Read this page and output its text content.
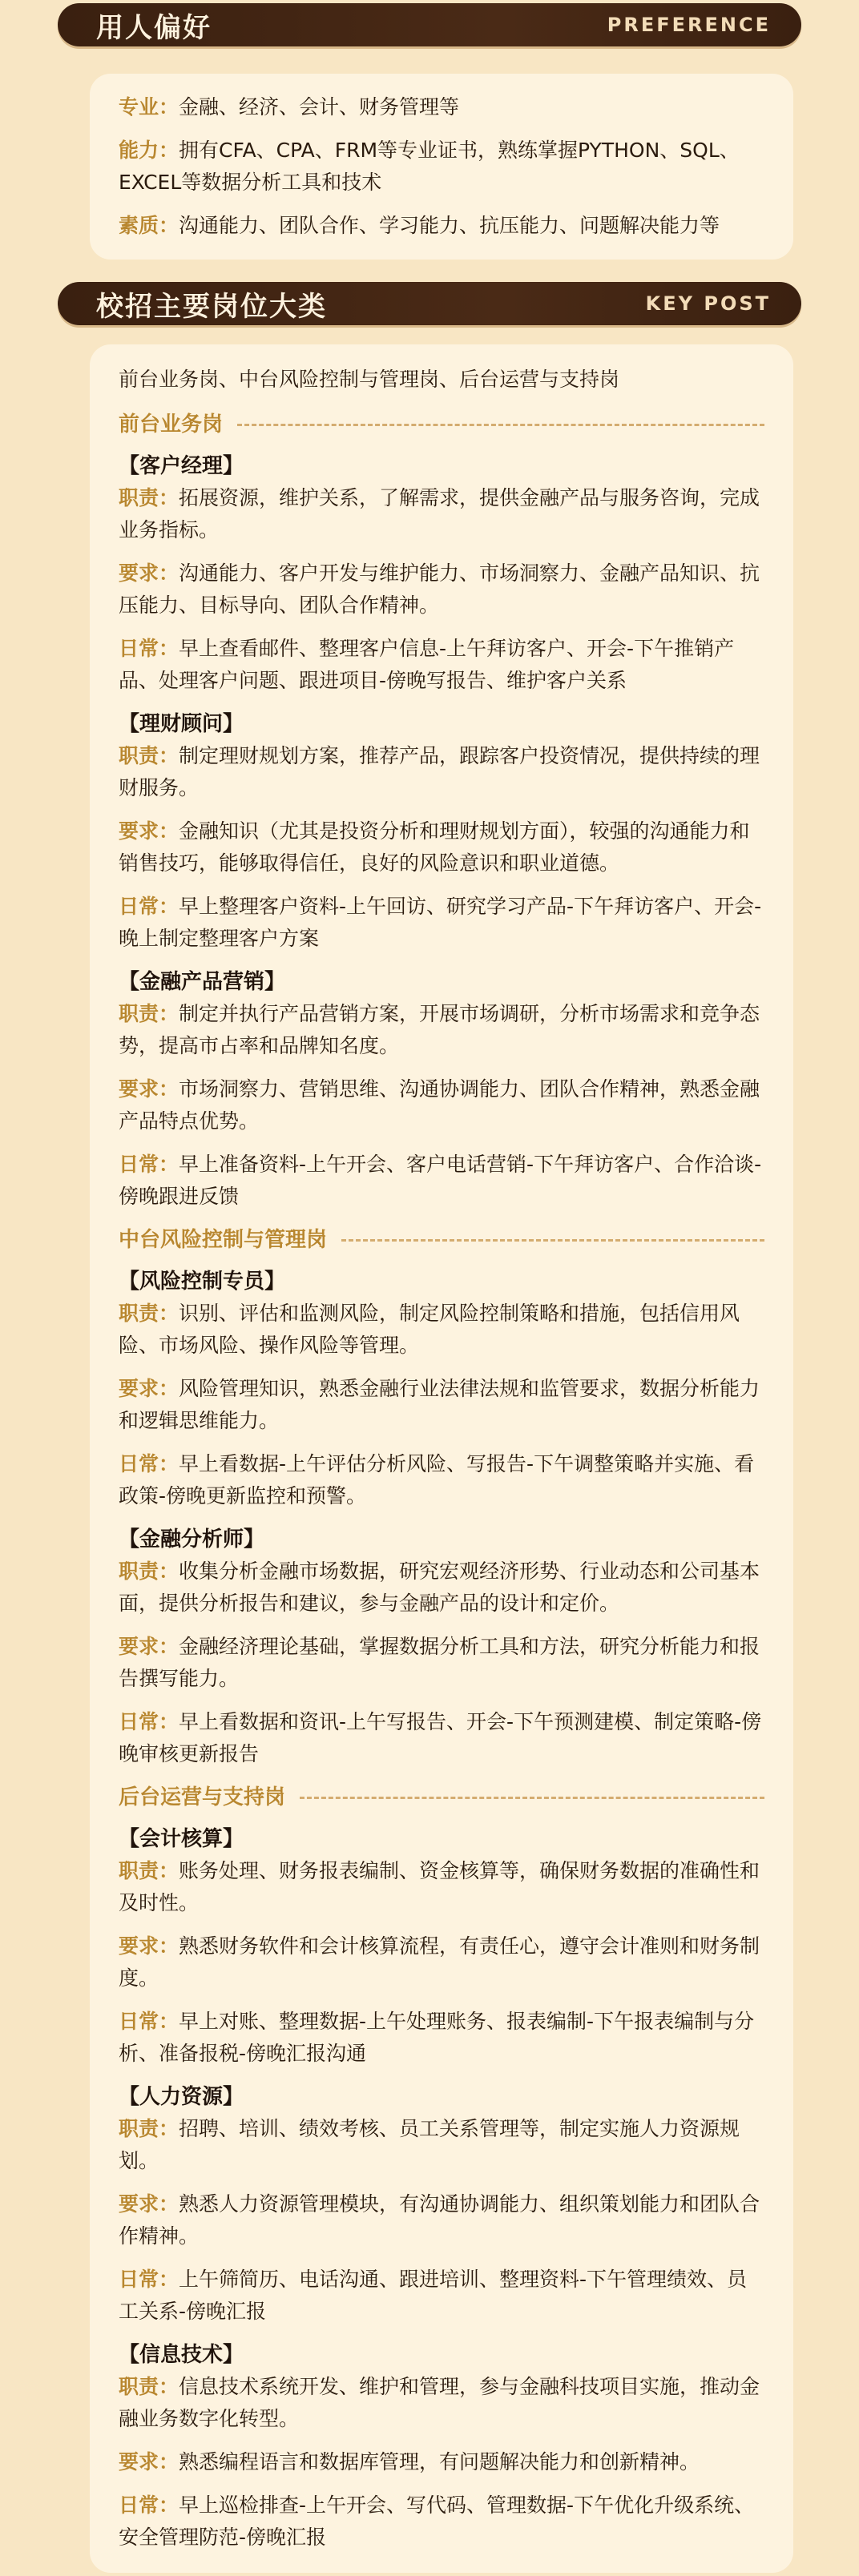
用人偏好	PREFERENCE

专业：金融、经济、会计、财务管理等

能力：拥有CFA、CPA、FRM等专业证书，熟练掌握PYTHON、SQL、EXCEL等数据分析工具和技术

素质：沟通能力、团队合作、学习能力、抗压能力、问题解决能力等

校招主要岗位大类	KEY POST

前台业务岗、中台风险控制与管理岗、后台运营与支持岗

前台业务岗
【客户经理】

职责：拓展资源，维护关系，了解需求，提供金融产品与服务咨询，完成业务指标。

要求：沟通能力、客户开发与维护能力、市场洞察力、金融产品知识、抗压能力、目标导向、团队合作精神。

日常：早上查看邮件、整理客户信息-上午拜访客户、开会-下午推销产品、处理客户问题、跟进项目-傍晚写报告、维护客户关系

【理财顾问】

职责：制定理财规划方案，推荐产品，跟踪客户投资情况，提供持续的理财服务。

要求：金融知识（尤其是投资分析和理财规划方面），较强的沟通能力和销售技巧，能够取得信任，良好的风险意识和职业道德。

日常：早上整理客户资料-上午回访、研究学习产品-下午拜访客户、开会-晚上制定整理客户方案

【金融产品营销】

职责：制定并执行产品营销方案，开展市场调研，分析市场需求和竞争态势，提高市占率和品牌知名度。

要求：市场洞察力、营销思维、沟通协调能力、团队合作精神，熟悉金融产品特点优势。

日常：早上准备资料-上午开会、客户电话营销-下午拜访客户、合作洽谈-傍晚跟进反馈

中台风险控制与管理岗
【风险控制专员】

职责：识别、评估和监测风险，制定风险控制策略和措施，包括信用风险、市场风险、操作风险等管理。

要求：风险管理知识，熟悉金融行业法律法规和监管要求，数据分析能力和逻辑思维能力。

日常：早上看数据-上午评估分析风险、写报告-下午调整策略并实施、看政策-傍晚更新监控和预警。

【金融分析师】

职责：收集分析金融市场数据，研究宏观经济形势、行业动态和公司基本面，提供分析报告和建议，参与金融产品的设计和定价。

要求：金融经济理论基础，掌握数据分析工具和方法，研究分析能力和报告撰写能力。

日常：早上看数据和资讯-上午写报告、开会-下午预测建模、制定策略-傍晚审核更新报告

后台运营与支持岗
【会计核算】

职责：账务处理、财务报表编制、资金核算等，确保财务数据的准确性和及时性。

要求：熟悉财务软件和会计核算流程，有责任心，遵守会计准则和财务制度。

日常：早上对账、整理数据-上午处理账务、报表编制-下午报表编制与分析、准备报税-傍晚汇报沟通

【人力资源】

职责：招聘、培训、绩效考核、员工关系管理等，制定实施人力资源规划。

要求：熟悉人力资源管理模块，有沟通协调能力、组织策划能力和团队合作精神。

日常：上午筛简历、电话沟通、跟进培训、整理资料-下午管理绩效、员工关系-傍晚汇报

【信息技术】

职责：信息技术系统开发、维护和管理，参与金融科技项目实施，推动金融业务数字化转型。

要求：熟悉编程语言和数据库管理，有问题解决能力和创新精神。

日常：早上巡检排查-上午开会、写代码、管理数据-下午优化升级系统、安全管理防范-傍晚汇报
